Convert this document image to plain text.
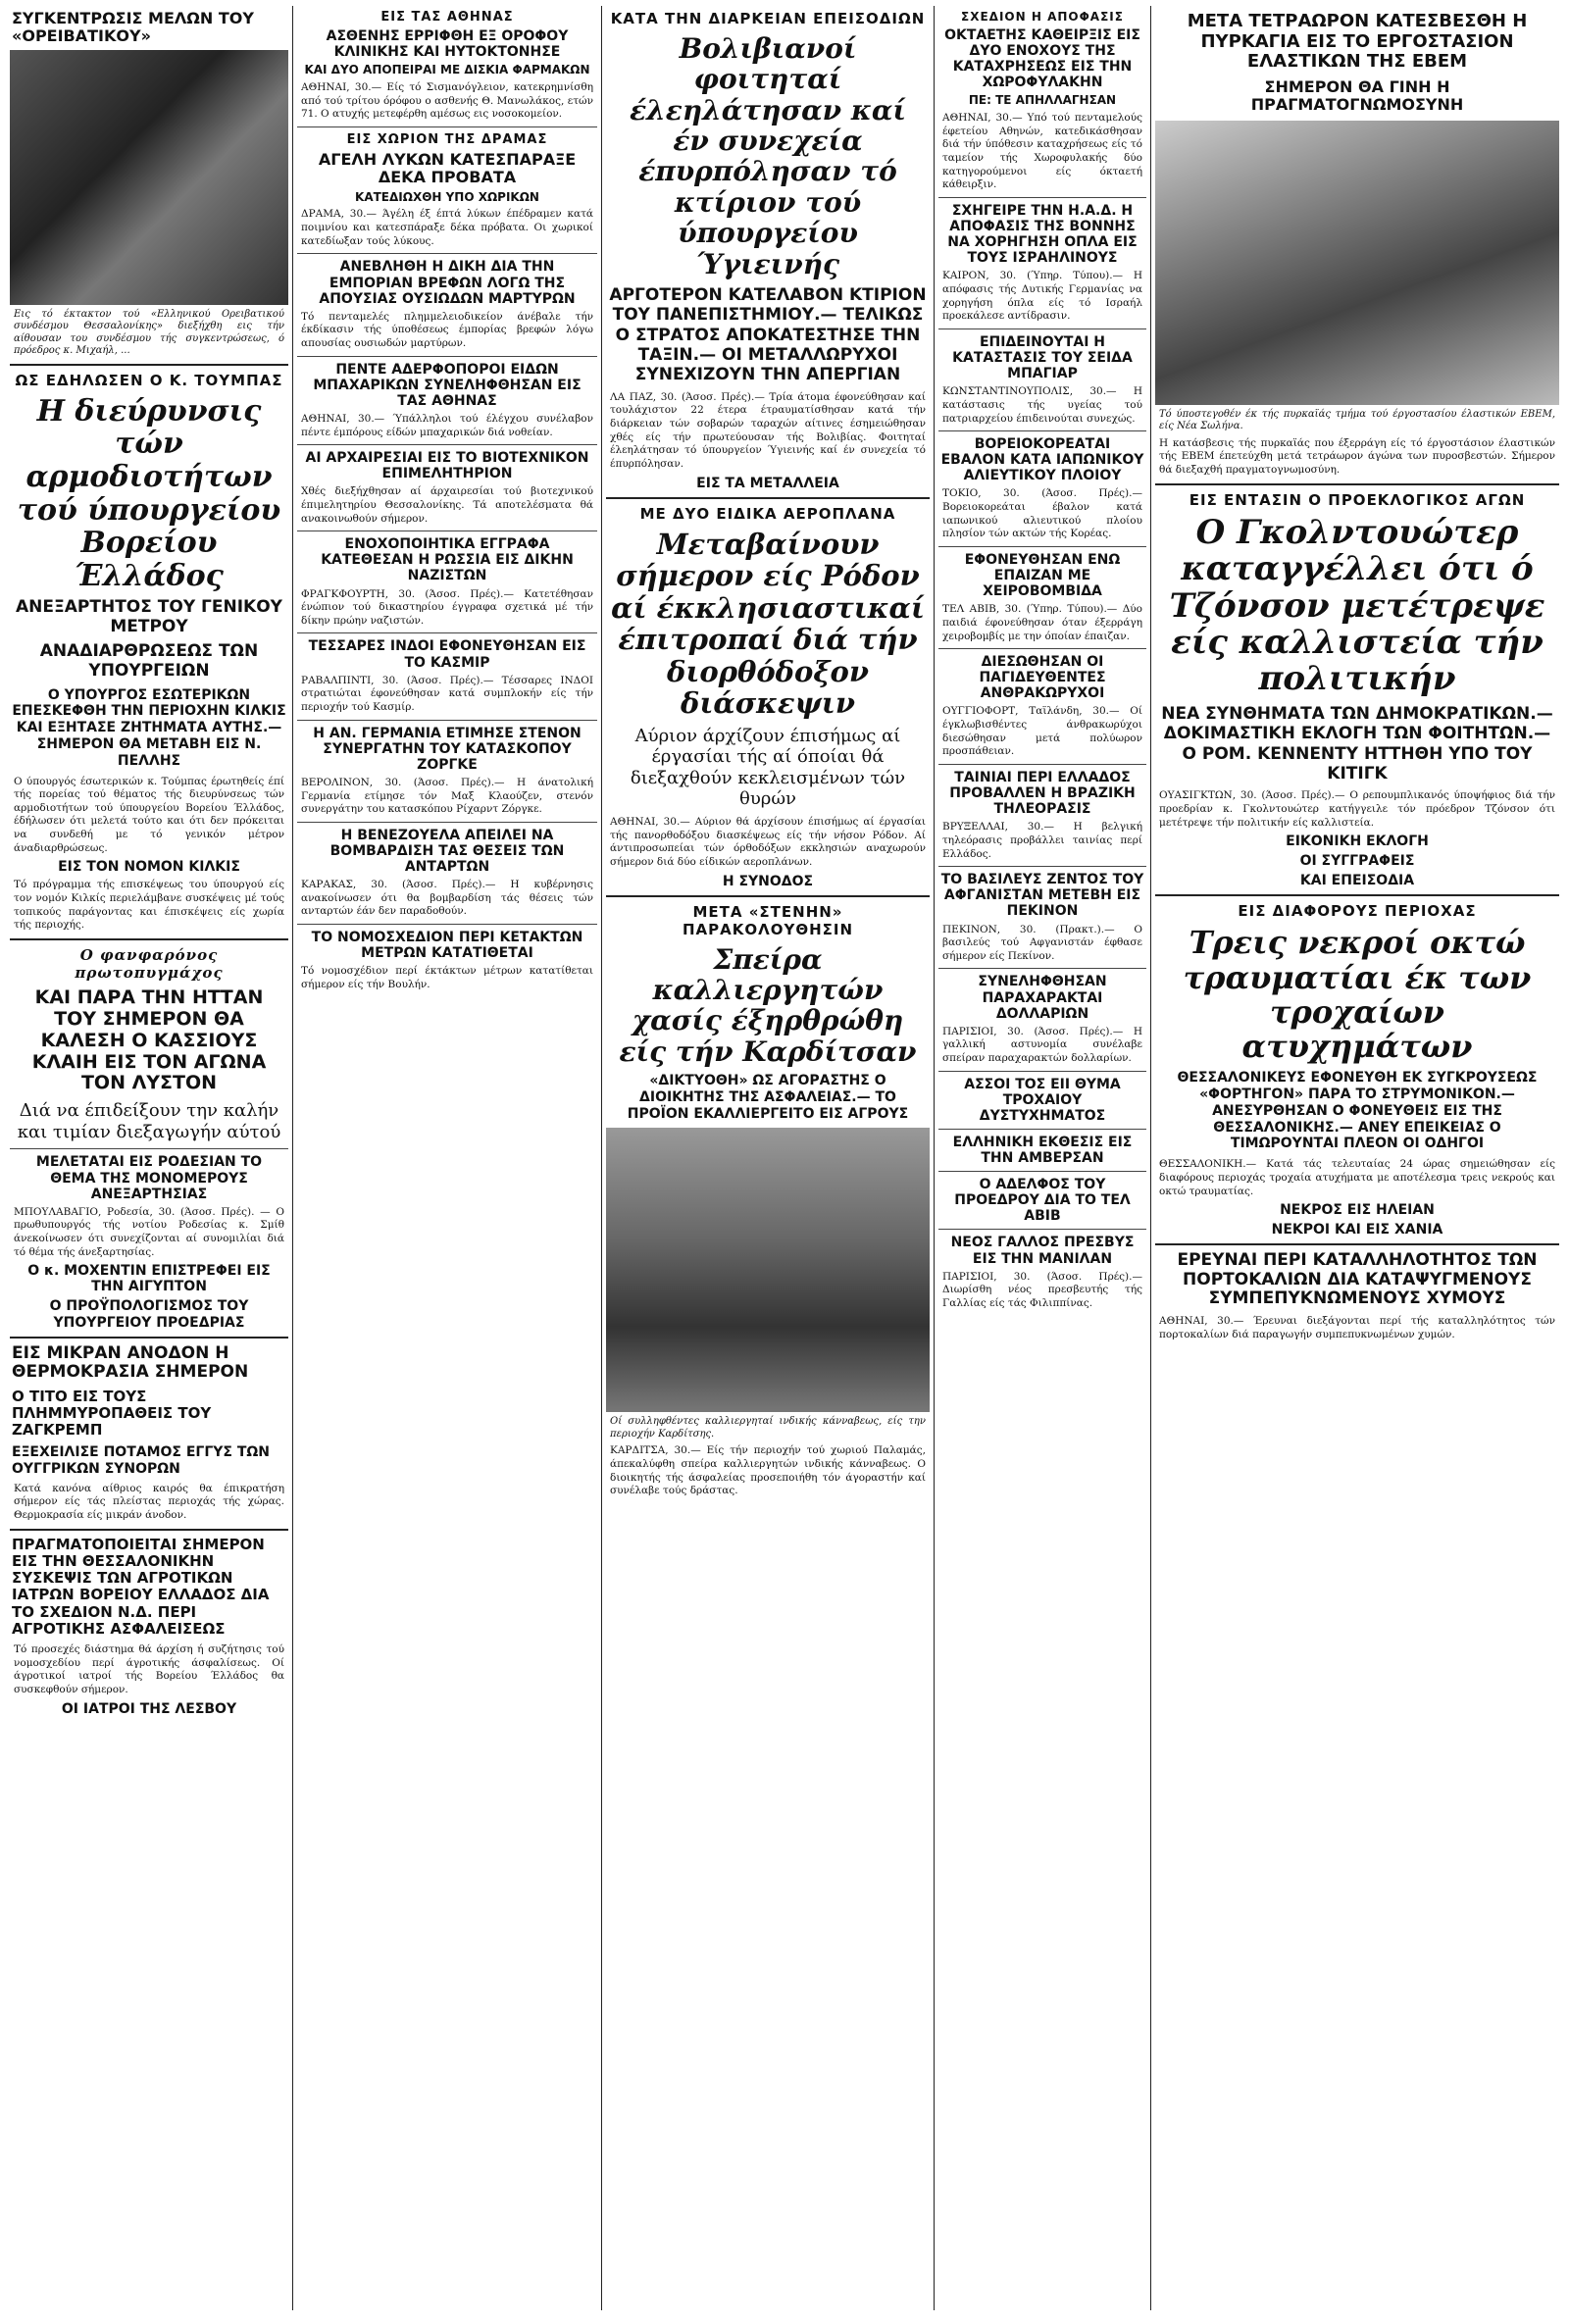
ΣΥΓΚΕΝΤΡΩΣΙΣ ΜΕΛΩΝ ΤΟΥ «ΟΡΕΙΒΑΤΙΚΟΥ»
Εις τό έκτακτον τού «Ελληνικού Ορειβατικού συνδέσμου Θεσσαλονίκης» διεξήχθη εις τήν αίθουσαν του συνδέσμου τής συγκεντρώσεως, ό πρόεδρος κ. Μιχαήλ, ...
ΩΣ ΕΔΗΛΩΣΕΝ Ο Κ. ΤΟΥΜΠΑΣ
Η διεύρυνσις τών αρμοδιοτήτων τού ύπουργείου Βορείου Έλλάδος
ΑΝΕΞΑΡΤΗΤΟΣ ΤΟΥ ΓΕΝΙΚΟΥ ΜΕΤΡΟΥ
ΑΝΑΔΙΑΡΘΡΩΣΕΩΣ ΤΩΝ ΥΠΟΥΡΓΕΙΩΝ
Ο ΥΠΟΥΡΓΟΣ ΕΣΩΤΕΡΙΚΩΝ ΕΠΕΣΚΕΦΘΗ ΤΗΝ ΠΕΡΙΟΧΗΝ ΚΙΛΚΙΣ ΚΑΙ ΕΞΗΤΑΣΕ ΖΗΤΗΜΑΤΑ ΑΥΤΗΣ.— ΣΗΜΕΡΟΝ ΘΑ ΜΕΤΑΒΗ ΕΙΣ Ν. ΠΕΛΛΗΣ
Ο ύπουργός έσωτερικών κ. Τούμπας έρωτηθείς έπί τής πορείας τού θέματος τής διευρύνσεως τών αρμοδιοτήτων τού ύπουργείου Βορείου Έλλάδος, έδήλωσεν ότι μελετά τούτο και ότι δεν πρόκειται να συνδεθή με τό γενικόν μέτρον άναδιαρθρώσεως.
ΕΙΣ ΤΟΝ ΝΟΜΟΝ ΚΙΛΚΙΣ
Τό πρόγραμμα τής επισκέψεως του ύπουργού είς τον νομόν Κιλκίς περιελάμβανε συσκέψεις μέ τούς τοπικούς παράγοντας και έπισκέψεις είς χωρία τής περιοχής.
Ο φανφαρόνος πρωτοπυγμάχος
ΚΑΙ ΠΑΡΑ ΤΗΝ ΗΤΤΑΝ ΤΟΥ ΣΗΜΕΡΟΝ ΘΑ ΚΑΛΕΣΗ Ο ΚΑΣΣΙΟΥΣ ΚΛΑΙΗ ΕΙΣ ΤΟΝ ΑΓΩΝΑ ΤΟΝ ΛΥΣΤΟΝ
Διά να έπιδείξουν την καλήν και τιμίαν διεξαγωγήν αύτού
ΜΕΛΕΤΑΤΑΙ ΕΙΣ ΡΟΔΕΣΙΑΝ ΤΟ ΘΕΜΑ ΤΗΣ ΜΟΝΟΜΕΡΟΥΣ ΑΝΕΞΑΡΤΗΣΙΑΣ
ΜΠΟΥΛΑΒΑΓΙΟ, Ροδεσία, 30. (Άσοσ. Πρές). — Ο πρωθυπουργός τής νοτίου Ροδεσίας κ. Σμίθ άνεκοίνωσεν ότι συνεχίζονται αί συνομιλίαι διά τό θέμα τής άνεξαρτησίας.
Ο κ. ΜΟΧΕΝΤΙΝ ΕΠΙΣΤΡΕΦΕΙ ΕΙΣ ΤΗΝ ΑΙΓΥΠΤΟΝ
Ο ΠΡΟΫΠΟΛΟΓΙΣΜΟΣ ΤΟΥ ΥΠΟΥΡΓΕΙΟΥ ΠΡΟΕΔΡΙΑΣ
ΕΙΣ ΜΙΚΡΑΝ ΑΝΟΔΟΝ Η ΘΕΡΜΟΚΡΑΣΙΑ ΣΗΜΕΡΟΝ
Ο ΤΙΤΟ ΕΙΣ ΤΟΥΣ ΠΛΗΜΜΥΡΟΠΑΘΕΙΣ ΤΟΥ ΖΑΓΚΡΕΜΠ
ΕΞΕΧΕΙΛΙΣΕ ΠΟΤΑΜΟΣ ΕΓΓΥΣ ΤΩΝ ΟΥΓΓΡΙΚΩΝ ΣΥΝΟΡΩΝ
Κατά κανόνα αίθριος καιρός θα έπικρατήση σήμερον είς τάς πλείστας περιοχάς τής χώρας. Θερμοκρασία είς μικράν άνοδον.
ΠΡΑΓΜΑΤΟΠΟΙΕΙΤΑΙ ΣΗΜΕΡΟΝ ΕΙΣ ΤΗΝ ΘΕΣΣΑΛΟΝΙΚΗΝ ΣΥΣΚΕΨΙΣ ΤΩΝ ΑΓΡΟΤΙΚΩΝ ΙΑΤΡΩΝ ΒΟΡΕΙΟΥ ΕΛΛΑΔΟΣ ΔΙΑ ΤΟ ΣΧΕΔΙΟΝ Ν.Δ. ΠΕΡΙ ΑΓΡΟΤΙΚΗΣ ΑΣΦΑΛΕΙΣΕΩΣ
Τό προσεχές διάστημα θά άρχίση ή συζήτησις τού νομοσχεδίου περί άγροτικής άσφαλίσεως. Οί άγροτικοί ιατροί τής Βορείου Έλλάδος θα συσκεφθούν σήμερον.
ΟΙ ΙΑΤΡΟΙ ΤΗΣ ΛΕΣΒΟΥ
ΕΙΣ ΤΑΣ ΑΘΗΝΑΣ
ΑΣΘΕΝΗΣ ΕΡΡΙΦΘΗ ΕΞ ΟΡΟΦΟΥ ΚΛΙΝΙΚΗΣ ΚΑΙ ΗΥΤΟΚΤΟΝΗΣΕ
ΚΑΙ ΔΥΟ ΑΠΟΠΕΙΡΑΙ ΜΕ ΔΙΣΚΙΑ ΦΑΡΜΑΚΩΝ
ΑΘΗΝΑΙ, 30.— Είς τό Σισμανόγλειον, κατεκρημνίσθη από τού τρίτου όρόφου ο ασθενής Θ. Μανωλάκος, ετών 71. Ο ατυχής μετεφέρθη αμέσως εις νοσοκομείον.
ΕΙΣ ΧΩΡΙΟΝ ΤΗΣ ΔΡΑΜΑΣ
ΑΓΕΛΗ ΛΥΚΩΝ ΚΑΤΕΣΠΑΡΑΞΕ ΔΕΚΑ ΠΡΟΒΑΤΑ
ΚΑΤΕΔΙΩΧΘΗ ΥΠΟ ΧΩΡΙΚΩΝ
ΔΡΑΜΑ, 30.— Άγέλη έξ έπτά λύκων έπέδραμεν κατά ποιμνίου και κατεσπάραξε δέκα πρόβατα. Οι χωρικοί κατεδίωξαν τούς λύκους.
ΑΝΕΒΛΗΘΗ Η ΔΙΚΗ ΔΙΑ ΤΗΝ ΕΜΠΟΡΙΑΝ ΒΡΕΦΩΝ ΛΟΓΩ ΤΗΣ ΑΠΟΥΣΙΑΣ ΟΥΣΙΩΔΩΝ ΜΑΡΤΥΡΩΝ
Τό πενταμελές πλημμελειοδικείον άνέβαλε τήν έκδίκασιν τής ύποθέσεως έμπορίας βρεφών λόγω απουσίας ουσιωδών μαρτύρων.
ΠΕΝΤΕ ΑΔΕΡΦΟΠΟΡΟΙ ΕΙΔΩΝ ΜΠΑΧΑΡΙΚΩΝ ΣΥΝΕΛΗΦΘΗΣΑΝ ΕΙΣ ΤΑΣ ΑΘΗΝΑΣ
ΑΘΗΝΑΙ, 30.— Ύπάλληλοι τού έλέγχου συνέλαβον πέντε έμπόρους είδών μπαχαρικών διά νοθείαν.
ΑΙ ΑΡΧΑΙΡΕΣΙΑΙ ΕΙΣ ΤΟ ΒΙΟΤΕΧΝΙΚΟΝ ΕΠΙΜΕΛΗΤΗΡΙΟΝ
Χθές διεξήχθησαν αί άρχαιρεσίαι τού βιοτεχνικού έπιμελητηρίου Θεσσαλονίκης. Τά αποτελέσματα θά ανακοινωθούν σήμερον.
ΕΝΟΧΟΠΟΙΗΤΙΚΑ ΕΓΓΡΑΦΑ ΚΑΤΕΘΕΣΑΝ Η ΡΩΣΣΙΑ ΕΙΣ ΔΙΚΗΝ ΝΑΖΙΣΤΩΝ
ΦΡΑΓΚΦΟΥΡΤΗ, 30. (Άσοσ. Πρές).— Κατετέθησαν ένώπιον τού δικαστηρίου έγγραφα σχετικά μέ τήν δίκην πρώην ναζιστών.
ΤΕΣΣΑΡΕΣ ΙΝΔΟΙ ΕΦΟΝΕΥΘΗΣΑΝ ΕΙΣ ΤΟ ΚΑΣΜΙΡ
ΡΑΒΑΛΠΙΝΤΙ, 30. (Άσοσ. Πρές).— Τέσσαρες ΙΝΔΟΙ στρατιώται έφονεύθησαν κατά συμπλοκήν είς τήν περιοχήν τού Κασμίρ.
Η ΑΝ. ΓΕΡΜΑΝΙΑ ΕΤΙΜΗΣΕ ΣΤΕΝΟΝ ΣΥΝΕΡΓΑΤΗΝ ΤΟΥ ΚΑΤΑΣΚΟΠΟΥ ΖΟΡΓΚΕ
ΒΕΡΟΛΙΝΟΝ, 30. (Άσοσ. Πρές).— Η άνατολική Γερμανία ετίμησε τόν Μαξ Κλαούζεν, στενόν συνεργάτην του κατασκόπου Ρίχαρντ Ζόργκε.
Η ΒΕΝΕΖΟΥΕΛΑ ΑΠΕΙΛΕΙ ΝΑ ΒΟΜΒΑΡΔΙΣΗ ΤΑΣ ΘΕΣΕΙΣ ΤΩΝ ΑΝΤΑΡΤΩΝ
ΚΑΡΑΚΑΣ, 30. (Άσοσ. Πρές).— Η κυβέρνησις ανακοίνωσεν ότι θα βομβαρδίση τάς θέσεις τών ανταρτών έάν δεν παραδοθούν.
ΤΟ ΝΟΜΟΣΧΕΔΙΟΝ ΠΕΡΙ ΚΕΤΑΚΤΩΝ ΜΕΤΡΩΝ ΚΑΤΑΤΙΘΕΤΑΙ
Τό νομοσχέδιον περί έκτάκτων μέτρων κατατίθεται σήμερον είς τήν Βουλήν.
ΚΑΤΑ ΤΗΝ ΔΙΑΡΚΕΙΑΝ ΕΠΕΙΣΟΔΙΩΝ
Βολιβιανοί φοιτηταί έλεηλάτησαν καί έν συνεχεία έπυρπόλησαν τό κτίριον τού ύπουργείου Ύγιεινής
ΑΡΓΟΤΕΡΟΝ ΚΑΤΕΛΑΒΟΝ ΚΤΙΡΙΟΝ ΤΟΥ ΠΑΝΕΠΙΣΤΗΜΙΟΥ.— ΤΕΛΙΚΩΣ Ο ΣΤΡΑΤΟΣ ΑΠΟΚΑΤΕΣΤΗΣΕ ΤΗΝ ΤΑΞΙΝ.— ΟΙ ΜΕΤΑΛΛΩΡΥΧΟΙ ΣΥΝΕΧΙΖΟΥΝ ΤΗΝ ΑΠΕΡΓΙΑΝ
ΛΑ ΠΑΖ, 30. (Άσοσ. Πρές).— Τρία άτομα έφονεύθησαν καί τουλάχιστον 22 έτερα έτραυματίσθησαν κατά τήν διάρκειαν τών σοβαρών ταραχών αίτινες έσημειώθησαν χθές είς τήν πρωτεύουσαν τής Βολιβίας. Φοιτηταί έλεηλάτησαν τό ύπουργείον Ύγιεινής καί έν συνεχεία τό έπυρπόλησαν.
ΕΙΣ ΤΑ ΜΕΤΑΛΛΕΙΑ
ΜΕ ΔΥΟ ΕΙΔΙΚΑ ΑΕΡΟΠΛΑΝΑ
Μεταβαίνουν σήμερον είς Ρόδον αί έκκλησιαστικαί έπιτροπαί διά τήν διορθόδοξον διάσκεψιν
Αύριον άρχίζουν έπισήμως αί έργασίαι τής αί όποίαι θά διεξαχθούν κεκλεισμένων τών θυρών
ΑΘΗΝΑΙ, 30.— Αύριον θά άρχίσουν έπισήμως αί έργασίαι τής πανορθοδόξου διασκέψεως είς τήν νήσον Ρόδον. Αί άντιπροσωπείαι τών όρθοδόξων εκκλησιών αναχωρούν σήμερον διά δύο είδικών αεροπλάνων.
Η ΣΥΝΟΔΟΣ
ΜΕΤΑ «ΣΤΕΝΗΝ» ΠΑΡΑΚΟΛΟΥΘΗΣΙΝ
Σπείρα καλλιεργητών χασίς έξηρθρώθη είς τήν Καρδίτσαν
«ΔΙΚΤΥΟΘΗ» ΩΣ ΑΓΟΡΑΣΤΗΣ Ο ΔΙΟΙΚΗΤΗΣ ΤΗΣ ΑΣΦΑΛΕΙΑΣ.— ΤΟ ΠΡΟΪΟΝ ΕΚΑΛΛΙΕΡΓΕΙΤΟ ΕΙΣ ΑΓΡΟΥΣ
Οί συλληφθέντες καλλιεργηταί ινδικής κάνναβεως, είς την περιοχήν Καρδίτσης.
ΚΑΡΔΙΤΣΑ, 30.— Είς τήν περιοχήν τού χωριού Παλαμάς, άπεκαλύφθη σπείρα καλλιεργητών ινδικής κάνναβεως. Ο διοικητής τής άσφαλείας προσεποιήθη τόν άγοραστήν καί συνέλαβε τούς δράστας.
ΣΧΕΔΙΟΝ Η ΑΠΟΦΑΣΙΣ
ΟΚΤΑΕΤΗΣ ΚΑΘΕΙΡΞΙΣ ΕΙΣ ΔΥΟ ΕΝΟΧΟΥΣ ΤΗΣ ΚΑΤΑΧΡΗΣΕΩΣ ΕΙΣ ΤΗΝ ΧΩΡΟΦΥΛΑΚΗΝ
ΠΕ: ΤΕ ΑΠΗΛΛΑΓΗΣΑΝ
ΑΘΗΝΑΙ, 30.— Υπό τού πενταμελούς έφετείου Αθηνών, κατεδικάσθησαν διά τήν ύπόθεσιν καταχρήσεως είς τό ταμείον τής Χωροφυλακής δύο κατηγορούμενοι είς όκταετή κάθειρξιν.
ΣΧΗΓΕΙΡΕ ΤΗΝ Η.Α.Δ. Η ΑΠΟΦΑΣΙΣ ΤΗΣ ΒΟΝΝΗΣ ΝΑ ΧΟΡΗΓΗΣΗ ΟΠΛΑ ΕΙΣ ΤΟΥΣ ΙΣΡΑΗΛΙΝΟΥΣ
ΚΑΙΡΟΝ, 30. (Ύπηρ. Τύπου).— Η απόφασις τής Δυτικής Γερμανίας να χορηγήση όπλα είς τό Ισραήλ προεκάλεσε αντίδρασιν.
ΕΠΙΔΕΙΝΟΥΤΑΙ Η ΚΑΤΑΣΤΑΣΙΣ ΤΟΥ ΣΕΙΔΑ ΜΠΑΓΙΑΡ
ΚΩΝΣΤΑΝΤΙΝΟΥΠΟΛΙΣ, 30.— Η κατάστασις τής υγείας τού πατριαρχείου έπιδεινούται συνεχώς.
ΒΟΡΕΙΟΚΟΡΕΑΤΑΙ ΕΒΑΛΟΝ ΚΑΤΑ ΙΑΠΩΝΙΚΟΥ ΑΛΙΕΥΤΙΚΟΥ ΠΛΟΙΟΥ
ΤΟΚΙΟ, 30. (Άσοσ. Πρές).— Βορειοκορεάται έβαλον κατά ιαπωνικού αλιευτικού πλοίου πλησίον τών ακτών τής Κορέας.
ΕΦΟΝΕΥΘΗΣΑΝ ΕΝΩ ΕΠΑΙΖΑΝ ΜΕ ΧΕΙΡΟΒΟΜΒΙΔΑ
ΤΕΛ ΑΒΙΒ, 30. (Ύπηρ. Τύπου).— Δύο παιδιά έφονεύθησαν όταν έξερράγη χειροβομβίς με την όποίαν έπαιζαν.
ΔΙΕΣΩΘΗΣΑΝ ΟΙ ΠΑΓΙΔΕΥΘΕΝΤΕΣ ΑΝΘΡΑΚΩΡΥΧΟΙ
ΟΥΓΓΙΟΦΟΡΤ, Ταϊλάνδη, 30.— Οί έγκλωβισθέντες άνθρακωρύχοι διεσώθησαν μετά πολύωρον προσπάθειαν.
ΤΑΙΝΙΑΙ ΠΕΡΙ ΕΛΛΑΔΟΣ ΠΡΟΒΑΛΛΕΝ Η ΒΡΑΖΙΚΗ ΤΗΛΕΟΡΑΣΙΣ
ΒΡΥΞΕΛΛΑΙ, 30.— Η βελγική τηλεόρασις προβάλλει ταινίας περί Ελλάδος.
ΤΟ ΒΑΣΙΛΕΥΣ ΖΕΝΤΟΣ ΤΟΥ ΑΦΓΑΝΙΣΤΑΝ ΜΕΤΕΒΗ ΕΙΣ ΠΕΚΙΝΟΝ
ΠΕΚΙΝΟΝ, 30. (Πρακτ.).— Ο βασιλεύς τού Αφγανιστάν έφθασε σήμερον είς Πεκίνον.
ΣΥΝΕΛΗΦΘΗΣΑΝ ΠΑΡΑΧΑΡΑΚΤΑΙ ΔΟΛΛΑΡΙΩΝ
ΠΑΡΙΣΙΟΙ, 30. (Άσοσ. Πρές).— Η γαλλική αστυνομία συνέλαβε σπείραν παραχαρακτών δολλαρίων.
ΑΣΣΟΙ ΤΟΣ ΕΙΙ ΘΥΜΑ ΤΡΟΧΑΙΟΥ ΔΥΣΤΥΧΗΜΑΤΟΣ
ΕΛΛΗΝΙΚΗ ΕΚΘΕΣΙΣ ΕΙΣ ΤΗΝ ΑΜΒΕΡΣΑΝ
Ο ΑΔΕΛΦΟΣ ΤΟΥ ΠΡΟΕΔΡΟΥ ΔΙΑ ΤΟ ΤΕΛ ΑΒΙΒ
ΝΕΟΣ ΓΑΛΛΟΣ ΠΡΕΣΒΥΣ ΕΙΣ ΤΗΝ ΜΑΝΙΛΑΝ
ΠΑΡΙΣΙΟΙ, 30. (Άσοσ. Πρές).— Διωρίσθη νέος πρεσβευτής τής Γαλλίας είς τάς Φιλιππίνας.
ΜΕΤΑ ΤΕΤΡΑΩΡΟΝ ΚΑΤΕΣΒΕΣΘΗ Η ΠΥΡΚΑΓΙΑ ΕΙΣ ΤΟ ΕΡΓΟΣΤΑΣΙΟΝ ΕΛΑΣΤΙΚΩΝ ΤΗΣ ΕΒΕΜ
ΣΗΜΕΡΟΝ ΘΑ ΓΙΝΗ Η ΠΡΑΓΜΑΤΟΓΝΩΜΟΣΥΝΗ
Τό ύποστεγοθέν έκ τής πυρκαϊάς τμήμα τού έργοστασίου έλαστικών ΕΒΕΜ, είς Νέα Σωλήνα.
Η κατάσβεσις τής πυρκαϊάς που έξερράγη είς τό έργοστάσιον έλαστικών τής ΕΒΕΜ έπετεύχθη μετά τετράωρον άγώνα των πυροσβεστών. Σήμερον θά διεξαχθή πραγματογνωμοσύνη.
ΕΙΣ ΕΝΤΑΣΙΝ Ο ΠΡΟΕΚΛΟΓΙΚΟΣ ΑΓΩΝ
Ο Γκολντουώτερ καταγγέλλει ότι ό Τζόνσον μετέτρεψε είς καλλιστεία τήν πολιτικήν
ΝΕΑ ΣΥΝΘΗΜΑΤΑ ΤΩΝ ΔΗΜΟΚΡΑΤΙΚΩΝ.— ΔΟΚΙΜΑΣΤΙΚΗ ΕΚΛΟΓΗ ΤΩΝ ΦΟΙΤΗΤΩΝ.— Ο ΡΟΜ. ΚΕΝΝΕΝΤΥ ΗΤΤΗΘΗ ΥΠΟ ΤΟΥ ΚΙΤΙΓΚ
ΟΥΑΣΙΓΚΤΩΝ, 30. (Άσοσ. Πρές).— Ο ρεπουμπλικανός ύποψήφιος διά τήν προεδρίαν κ. Γκολντουώτερ κατήγγειλε τόν πρόεδρον Τζόνσον ότι μετέτρεψε τήν πολιτικήν είς καλλιστεία.
ΕΙΚΟΝΙΚΗ ΕΚΛΟΓΗ
ΟΙ ΣΥΓΓΡΑΦΕΙΣ
ΚΑΙ ΕΠΕΙΣΟΔΙΑ
ΕΙΣ ΔΙΑΦΟΡΟΥΣ ΠΕΡΙΟΧΑΣ
Τρεις νεκροί οκτώ τραυματίαι έκ των τροχαίων ατυχημάτων
ΘΕΣΣΑΛΟΝΙΚΕΥΣ ΕΦΟΝΕΥΘΗ ΕΚ ΣΥΓΚΡΟΥΣΕΩΣ «ΦΟΡΤΗΓΟΝ» ΠΑΡΑ ΤΟ ΣΤΡΥΜΟΝΙΚΟΝ.— ΑΝΕΣΥΡΘΗΣΑΝ Ο ΦΟΝΕΥΘΕΙΣ ΕΙΣ ΤΗΣ ΘΕΣΣΑΛΟΝΙΚΗΣ.— ΑΝΕΥ ΕΠΕΙΚΕΙΑΣ Ο ΤΙΜΩΡΟΥΝΤΑΙ ΠΛΕΟΝ ΟΙ ΟΔΗΓΟΙ
ΘΕΣΣΑΛΟΝΙΚΗ.— Κατά τάς τελευταίας 24 ώρας σημειώθησαν είς διαφόρους περιοχάς τροχαία ατυχήματα με αποτέλεσμα τρεις νεκρούς και οκτώ τραυματίας.
ΝΕΚΡΟΣ ΕΙΣ ΗΛΕΙΑΝ
ΝΕΚΡΟΙ ΚΑΙ ΕΙΣ ΧΑΝΙΑ
ΕΡΕΥΝΑΙ ΠΕΡΙ ΚΑΤΑΛΛΗΛΟΤΗΤΟΣ ΤΩΝ ΠΟΡΤΟΚΑΛΙΩΝ ΔΙΑ ΚΑΤΑΨΥΓΜΕΝΟΥΣ ΣΥΜΠΕΠΥΚΝΩΜΕΝΟΥΣ ΧΥΜΟΥΣ
ΑΘΗΝΑΙ, 30.— Έρευναι διεξάγονται περί τής καταλληλότητος τών πορτοκαλίων διά παραγωγήν συμπεπυκνωμένων χυμών.
